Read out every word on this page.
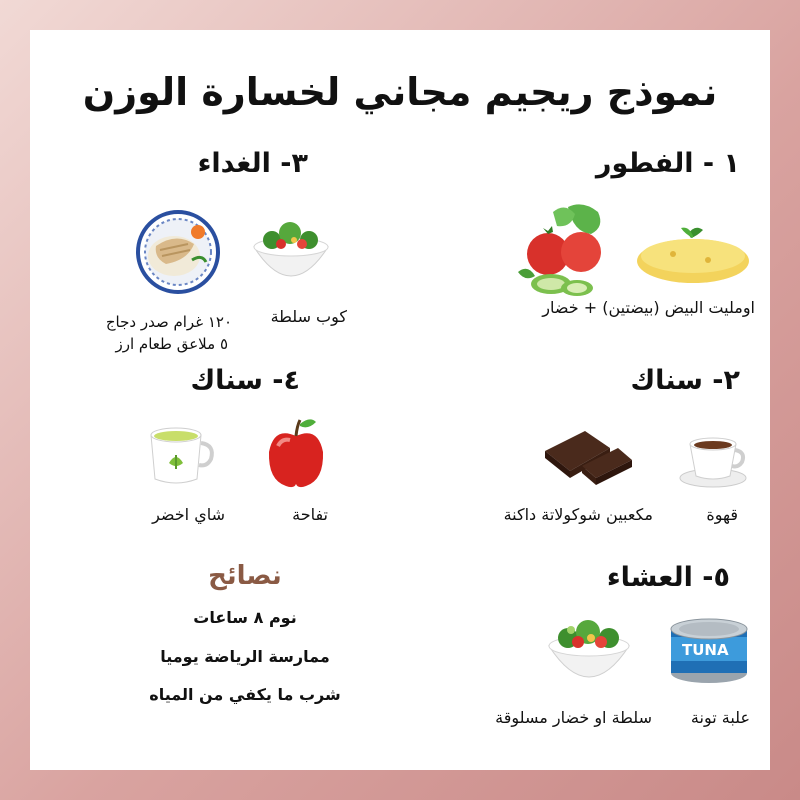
نموذج ريجيم مجاني لخسارة الوزن
١ - الفطور
اومليت البيض (بيضتين) + خضار
٢- سناك
قهوة
مكعبين شوكولاتة داكنة
٥- العشاء
TUNA
علبة تونة
سلطة او خضار مسلوقة
٣- الغداء
كوب سلطة
١٢٠ غرام صدر دجاج
٥ ملاعق طعام ارز
٤- سناك
تفاحة
شاي اخضر
نصائح
نوم ٨ ساعات
ممارسة الرياضة يوميا
شرب ما يكفي من المياه
